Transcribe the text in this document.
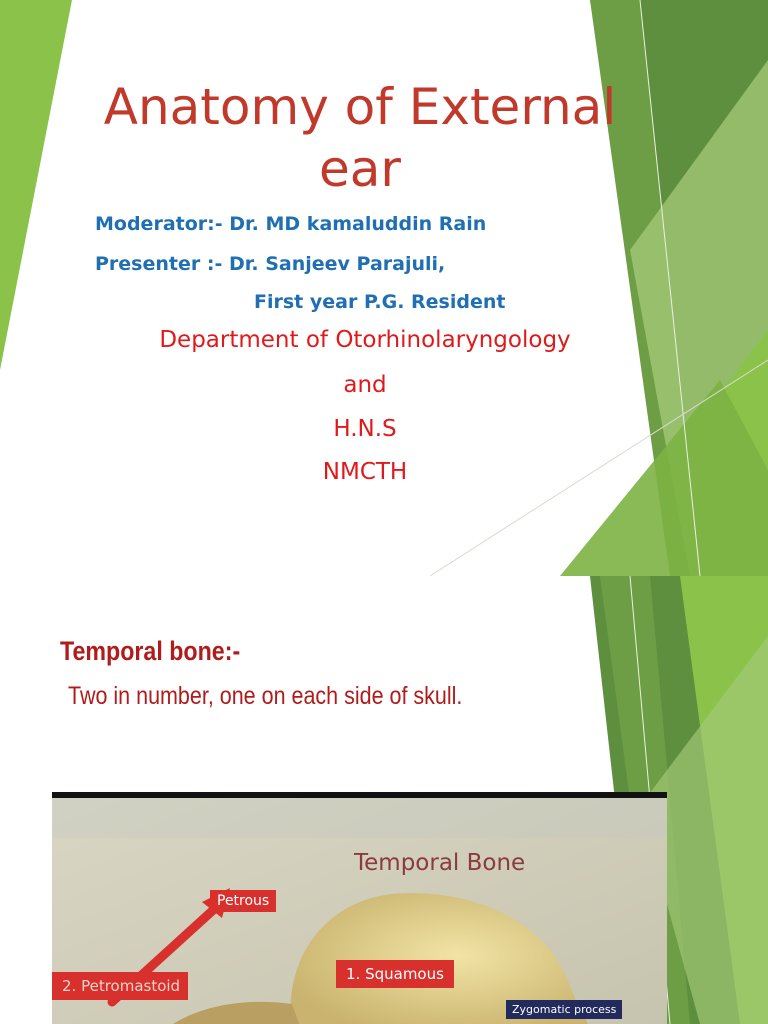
Anatomy of External
ear
Moderator:- Dr. MD kamaluddin Rain
Presenter :- Dr. Sanjeev Parajuli,
First year P.G. Resident
Department of Otorhinolaryngology
and
H.N.S
NMCTH
Temporal bone:-

Two in number, one on each side of skull.

Temporal Bone
Petrous
1. Squamous
2. Petromastoid
Zygomatic process
